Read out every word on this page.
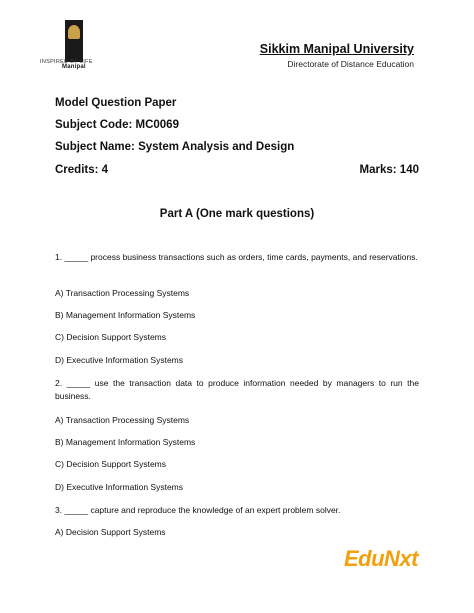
Manipal
INSPIRED BY LIFE
Sikkim Manipal University
Directorate of Distance Education
Model Question Paper
Subject Code: MC0069
Subject Name: System Analysis and Design
Credits: 4	Marks: 140
Part A (One mark questions)
1. _____ process business transactions such as orders, time cards, payments, and reservations.
A) Transaction Processing Systems
B) Management Information Systems
C) Decision Support Systems
D) Executive Information Systems
2. _____ use the transaction data to produce information needed by managers to run the business.
A) Transaction Processing Systems
B) Management Information Systems
C) Decision Support Systems
D) Executive Information Systems
3. _____ capture and reproduce the knowledge of an expert problem solver.
A) Decision Support Systems
EduNxt
